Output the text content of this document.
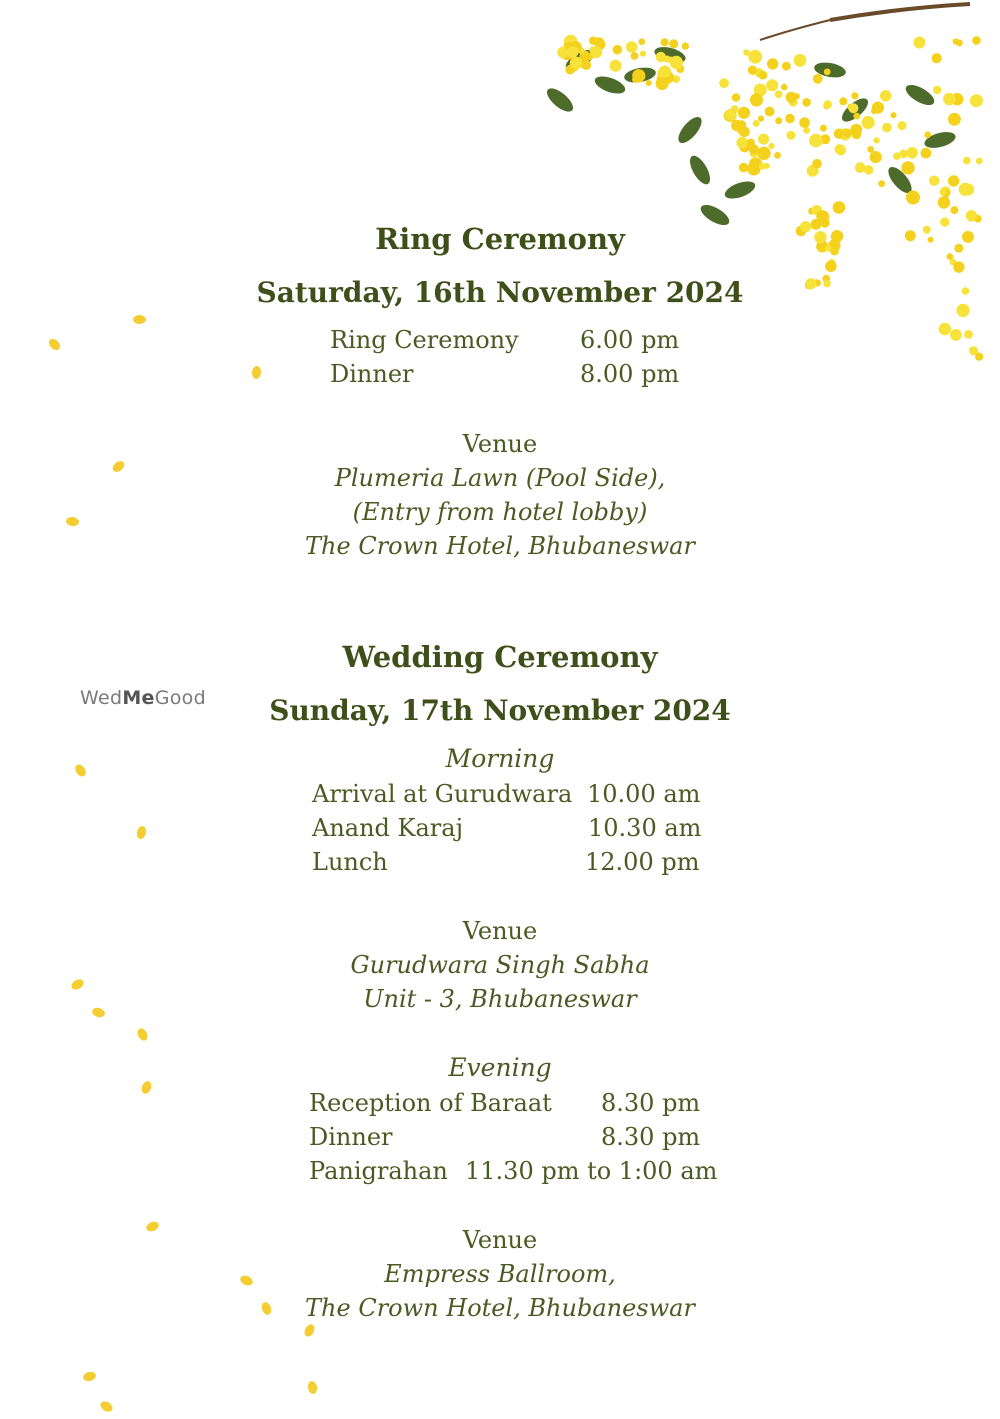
WedMeGood
Ring Ceremony
Saturday, 16th November 2024
Ring Ceremony	6.00 pm
Dinner	8.00 pm
Venue
Plumeria Lawn (Pool Side),
(Entry from hotel lobby)
The Crown Hotel, Bhubaneswar
Wedding Ceremony
Sunday, 17th November 2024
Morning
Arrival at Gurudwara 10.00 am
Anand Karaj	10.30 am
Lunch	12.00 pm
Venue
Gurudwara Singh Sabha
Unit - 3, Bhubaneswar
Evening
Reception of Baraat 8.30 pm
Dinner	8.30 pm
Panigrahan 11.30 pm to 1:00 am
Venue
Empress Ballroom,
The Crown Hotel, Bhubaneswar
